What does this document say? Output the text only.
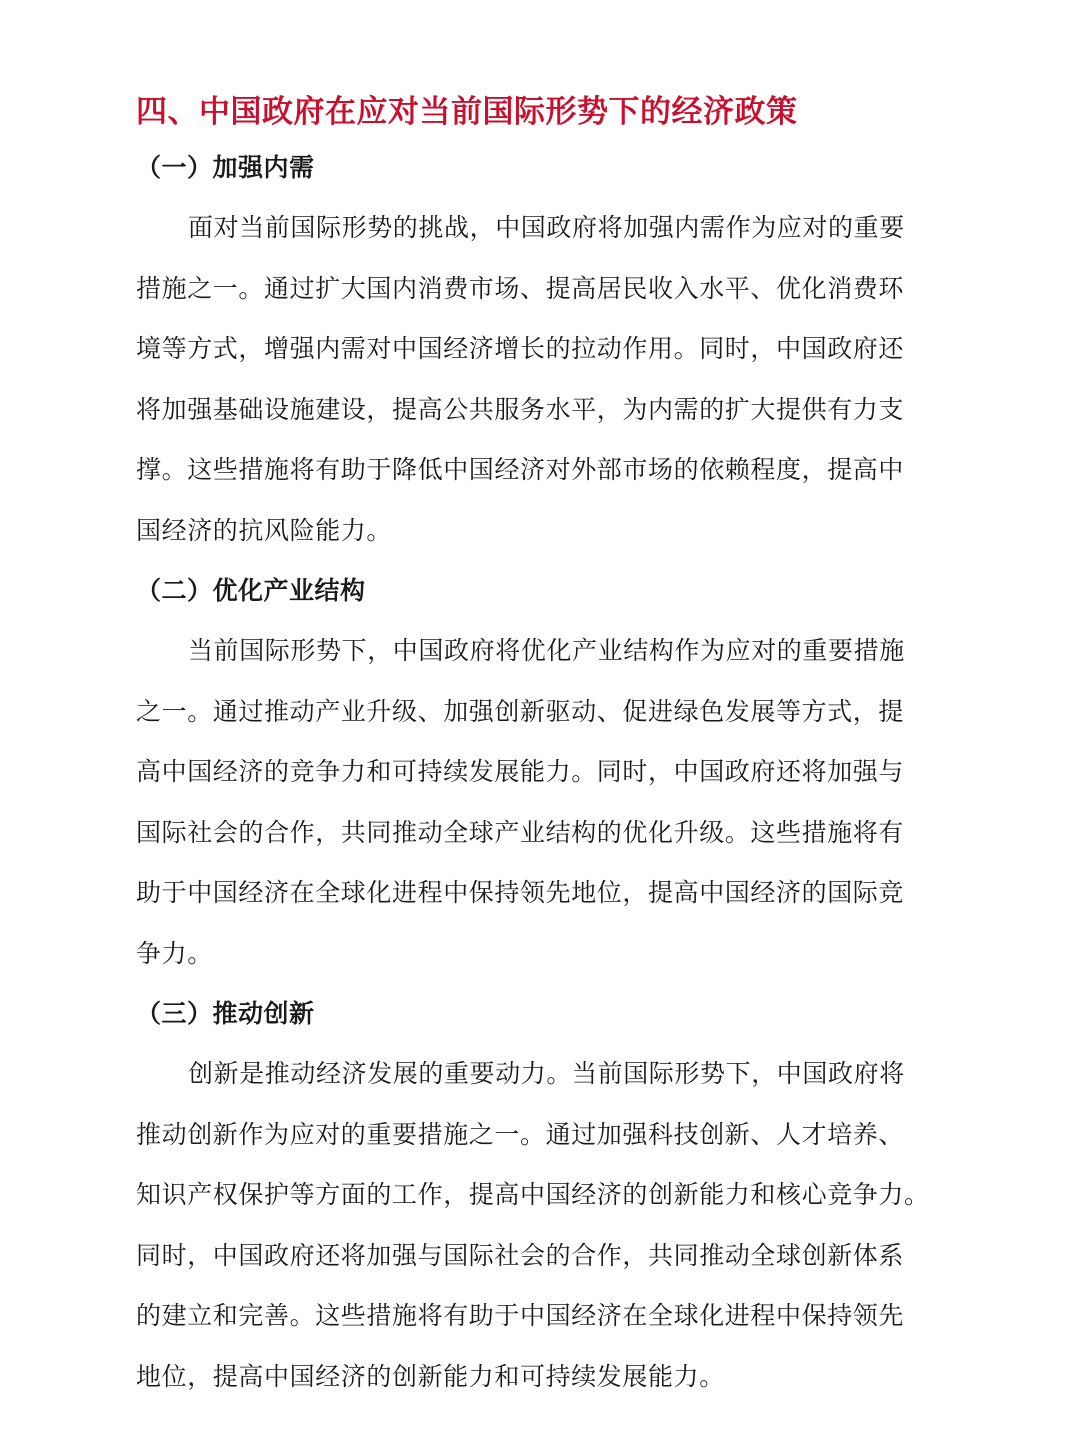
四、中国政府在应对当前国际形势下的经济政策
（一）加强内需

面对当前国际形势的挑战，中国政府将加强内需作为应对的重要
措施之一。通过扩大国内消费市场、提高居民收入水平、优化消费环
境等方式，增强内需对中国经济增长的拉动作用。同时，中国政府还
将加强基础设施建设，提高公共服务水平，为内需的扩大提供有力支
撑。这些措施将有助于降低中国经济对外部市场的依赖程度，提高中
国经济的抗风险能力。

（二）优化产业结构

当前国际形势下，中国政府将优化产业结构作为应对的重要措施
之一。通过推动产业升级、加强创新驱动、促进绿色发展等方式，提
高中国经济的竞争力和可持续发展能力。同时，中国政府还将加强与
国际社会的合作，共同推动全球产业结构的优化升级。这些措施将有
助于中国经济在全球化进程中保持领先地位，提高中国经济的国际竞
争力。

（三）推动创新

创新是推动经济发展的重要动力。当前国际形势下，中国政府将
推动创新作为应对的重要措施之一。通过加强科技创新、人才培养、
知识产权保护等方面的工作，提高中国经济的创新能力和核心竞争力。
同时，中国政府还将加强与国际社会的合作，共同推动全球创新体系
的建立和完善。这些措施将有助于中国经济在全球化进程中保持领先
地位，提高中国经济的创新能力和可持续发展能力。
